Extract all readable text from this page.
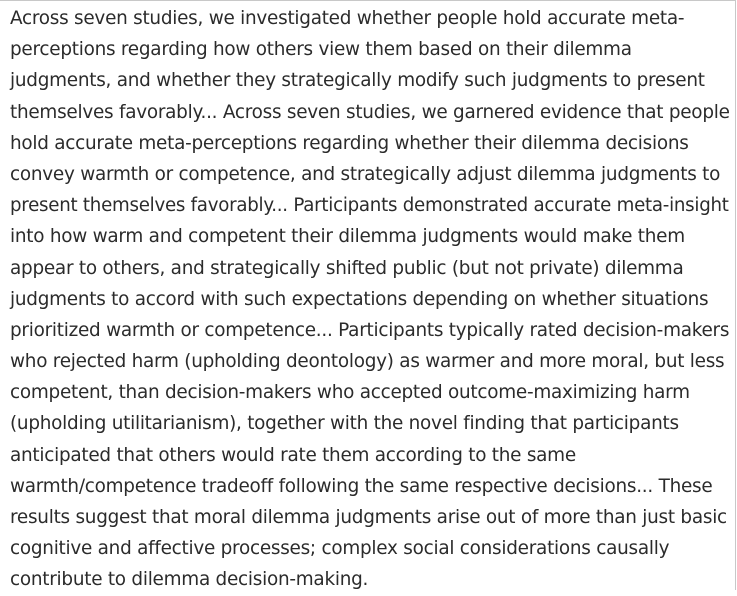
Across seven studies, we investigated whether people hold accurate meta-
perceptions regarding how others view them based on their dilemma
judgments, and whether they strategically modify such judgments to present
themselves favorably... Across seven studies, we garnered evidence that people
hold accurate meta-perceptions regarding whether their dilemma decisions
convey warmth or competence, and strategically adjust dilemma judgments to
present themselves favorably... Participants demonstrated accurate meta-insight
into how warm and competent their dilemma judgments would make them
appear to others, and strategically shifted public (but not private) dilemma
judgments to accord with such expectations depending on whether situations
prioritized warmth or competence... Participants typically rated decision-makers
who rejected harm (upholding deontology) as warmer and more moral, but less
competent, than decision-makers who accepted outcome-maximizing harm
(upholding utilitarianism), together with the novel finding that participants
anticipated that others would rate them according to the same
warmth/competence tradeoff following the same respective decisions... These
results suggest that moral dilemma judgments arise out of more than just basic
cognitive and affective processes; complex social considerations causally
contribute to dilemma decision-making.
